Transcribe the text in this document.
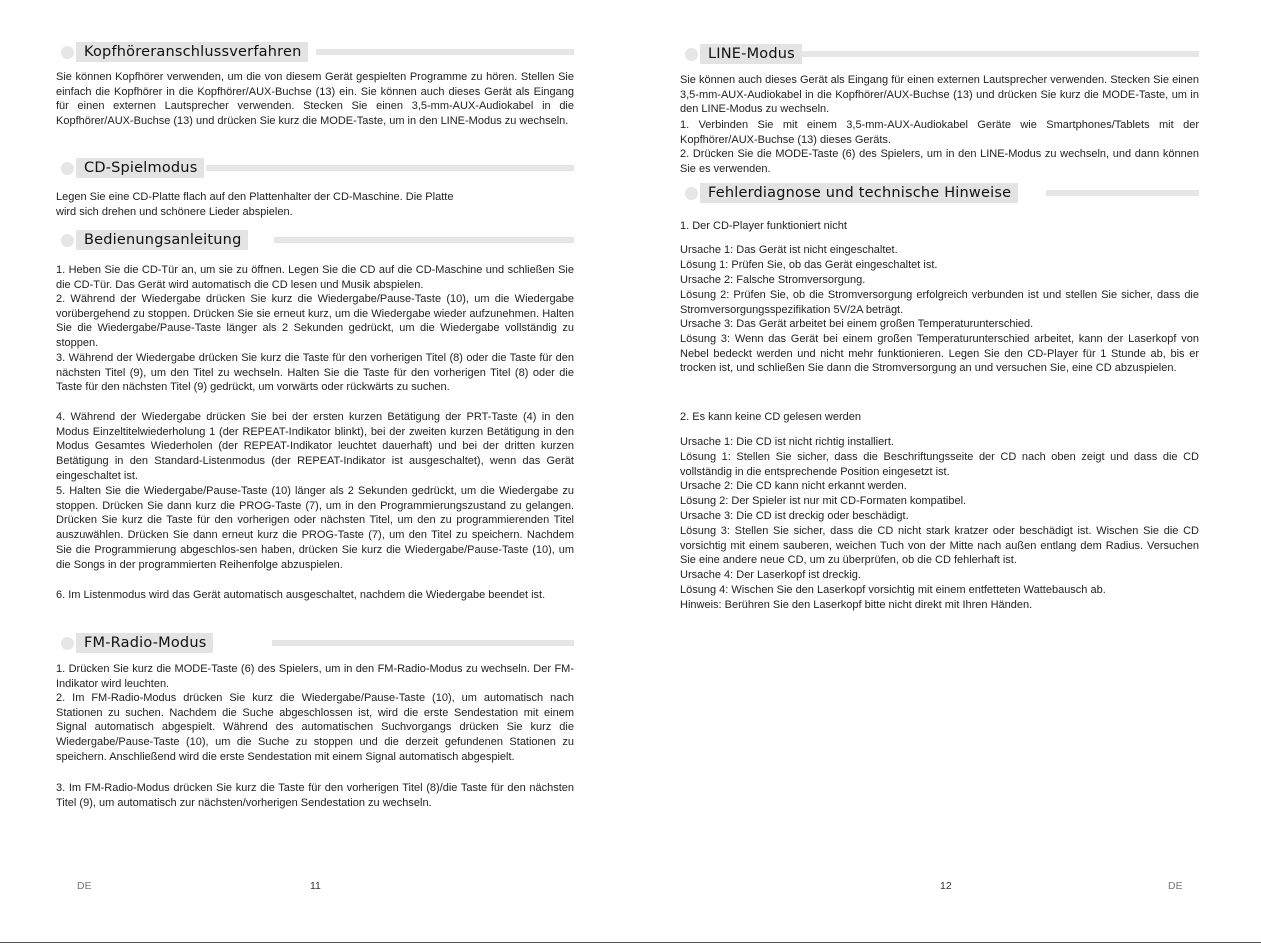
Kopfhöreranschlussverfahren

Sie können Kopfhörer verwenden, um die von diesem Gerät gespielten Programme zu hören. Stellen Sie einfach die Kopfhörer in die Kopfhörer/AUX-Buchse (13) ein. Sie können auch dieses Gerät als Eingang für einen externen Lautsprecher verwenden. Stecken Sie einen 3,5-mm-AUX-Audiokabel in die Kopfhörer/AUX-Buchse (13) und drücken Sie kurz die MODE-Taste, um in den LINE-Modus zu wechseln.

CD-Spielmodus

Legen Sie eine CD-Platte flach auf den Plattenhalter der CD-Maschine. Die Platte wird sich drehen und schönere Lieder abspielen.

Bedienungsanleitung

1. Heben Sie die CD-Tür an, um sie zu öffnen. Legen Sie die CD auf die CD-Maschine und schließen Sie die CD-Tür. Das Gerät wird automatisch die CD lesen und Musik abspielen.

2. Während der Wiedergabe drücken Sie kurz die Wiedergabe/Pause-Taste (10), um die Wiedergabe vorübergehend zu stoppen. Drücken Sie sie erneut kurz, um die Wiedergabe wieder aufzunehmen. Halten Sie die Wiedergabe/Pause-Taste länger als 2 Sekunden gedrückt, um die Wiedergabe vollständig zu stoppen.

3. Während der Wiedergabe drücken Sie kurz die Taste für den vorherigen Titel (8) oder die Taste für den nächsten Titel (9), um den Titel zu wechseln. Halten Sie die Taste für den vorherigen Titel (8) oder die Taste für den nächsten Titel (9) gedrückt, um vorwärts oder rückwärts zu suchen.

4. Während der Wiedergabe drücken Sie bei der ersten kurzen Betätigung der PRT-Taste (4) in den Modus Einzeltitelwiederholung 1 (der REPEAT-Indikator blinkt), bei der zweiten kurzen Betätigung in den Modus Gesamtes Wiederholen (der REPEAT-Indikator leuchtet dauerhaft) und bei der dritten kurzen Betätigung in den Standard-Listenmodus (der REPEAT-Indikator ist ausgeschaltet), wenn das Gerät eingeschaltet ist.

5. Halten Sie die Wiedergabe/Pause-Taste (10) länger als 2 Sekunden gedrückt, um die Wiedergabe zu stoppen. Drücken Sie dann kurz die PROG-Taste (7), um in den Programmierungszustand zu gelangen. Drücken Sie kurz die Taste für den vorherigen oder nächsten Titel, um den zu programmierenden Titel auszuwählen. Drücken Sie dann erneut kurz die PROG-Taste (7), um den Titel zu speichern. Nachdem Sie die Programmierung abgeschlos-sen haben, drücken Sie kurz die Wiedergabe/Pause-Taste (10), um die Songs in der programmierten Reihenfolge abzuspielen.

6. Im Listenmodus wird das Gerät automatisch ausgeschaltet, nachdem die Wiedergabe beendet ist.

FM-Radio-Modus

1. Drücken Sie kurz die MODE-Taste (6) des Spielers, um in den FM-Radio-Modus zu wechseln. Der FM-Indikator wird leuchten.

2. Im FM-Radio-Modus drücken Sie kurz die Wiedergabe/Pause-Taste (10), um automatisch nach Stationen zu suchen. Nachdem die Suche abgeschlossen ist, wird die erste Sendestation mit einem Signal automatisch abgespielt. Während des automatischen Suchvorgangs drücken Sie kurz die Wiedergabe/Pause-Taste (10), um die Suche zu stoppen und die derzeit gefundenen Stationen zu speichern. Anschließend wird die erste Sendestation mit einem Signal automatisch abgespielt.

3. Im FM-Radio-Modus drücken Sie kurz die Taste für den vorherigen Titel (8)/die Taste für den nächsten Titel (9), um automatisch zur nächsten/vorherigen Sendestation zu wechseln.

LINE-Modus

Sie können auch dieses Gerät als Eingang für einen externen Lautsprecher verwenden. Stecken Sie einen 3,5-mm-AUX-Audiokabel in die Kopfhörer/AUX-Buchse (13) und drücken Sie kurz die MODE-Taste, um in den LINE-Modus zu wechseln.

1. Verbinden Sie mit einem 3,5-mm-AUX-Audiokabel Geräte wie Smartphones/Tablets mit der Kopfhörer/AUX-Buchse (13) dieses Geräts.

2. Drücken Sie die MODE-Taste (6) des Spielers, um in den LINE-Modus zu wechseln, und dann können Sie es verwenden.

Fehlerdiagnose und technische Hinweise

1. Der CD-Player funktioniert nicht

Ursache 1: Das Gerät ist nicht eingeschaltet.

Lösung 1: Prüfen Sie, ob das Gerät eingeschaltet ist.

Ursache 2: Falsche Stromversorgung.

Lösung 2: Prüfen Sie, ob die Stromversorgung erfolgreich verbunden ist und stellen Sie sicher, dass die Stromversorgungsspezifikation 5V/2A beträgt.

Ursache 3: Das Gerät arbeitet bei einem großen Temperaturunterschied.

Lösung 3: Wenn das Gerät bei einem großen Temperaturunterschied arbeitet, kann der Laserkopf von Nebel bedeckt werden und nicht mehr funktionieren. Legen Sie den CD-Player für 1 Stunde ab, bis er trocken ist, und schließen Sie dann die Stromversorgung an und versuchen Sie, eine CD abzuspielen.

2. Es kann keine CD gelesen werden

Ursache 1: Die CD ist nicht richtig installiert.

Lösung 1: Stellen Sie sicher, dass die Beschriftungsseite der CD nach oben zeigt und dass die CD vollständig in die entsprechende Position eingesetzt ist.

Ursache 2: Die CD kann nicht erkannt werden.

Lösung 2: Der Spieler ist nur mit CD-Formaten kompatibel.

Ursache 3: Die CD ist dreckig oder beschädigt.

Lösung 3: Stellen Sie sicher, dass die CD nicht stark kratzer oder beschädigt ist. Wischen Sie die CD vorsichtig mit einem sauberen, weichen Tuch von der Mitte nach außen entlang dem Radius. Versuchen Sie eine andere neue CD, um zu überprüfen, ob die CD fehlerhaft ist.

Ursache 4: Der Laserkopf ist dreckig.

Lösung 4: Wischen Sie den Laserkopf vorsichtig mit einem entfetteten Wattebausch ab.

Hinweis: Berühren Sie den Laserkopf bitte nicht direkt mit Ihren Händen.

DE	11	12	DE
